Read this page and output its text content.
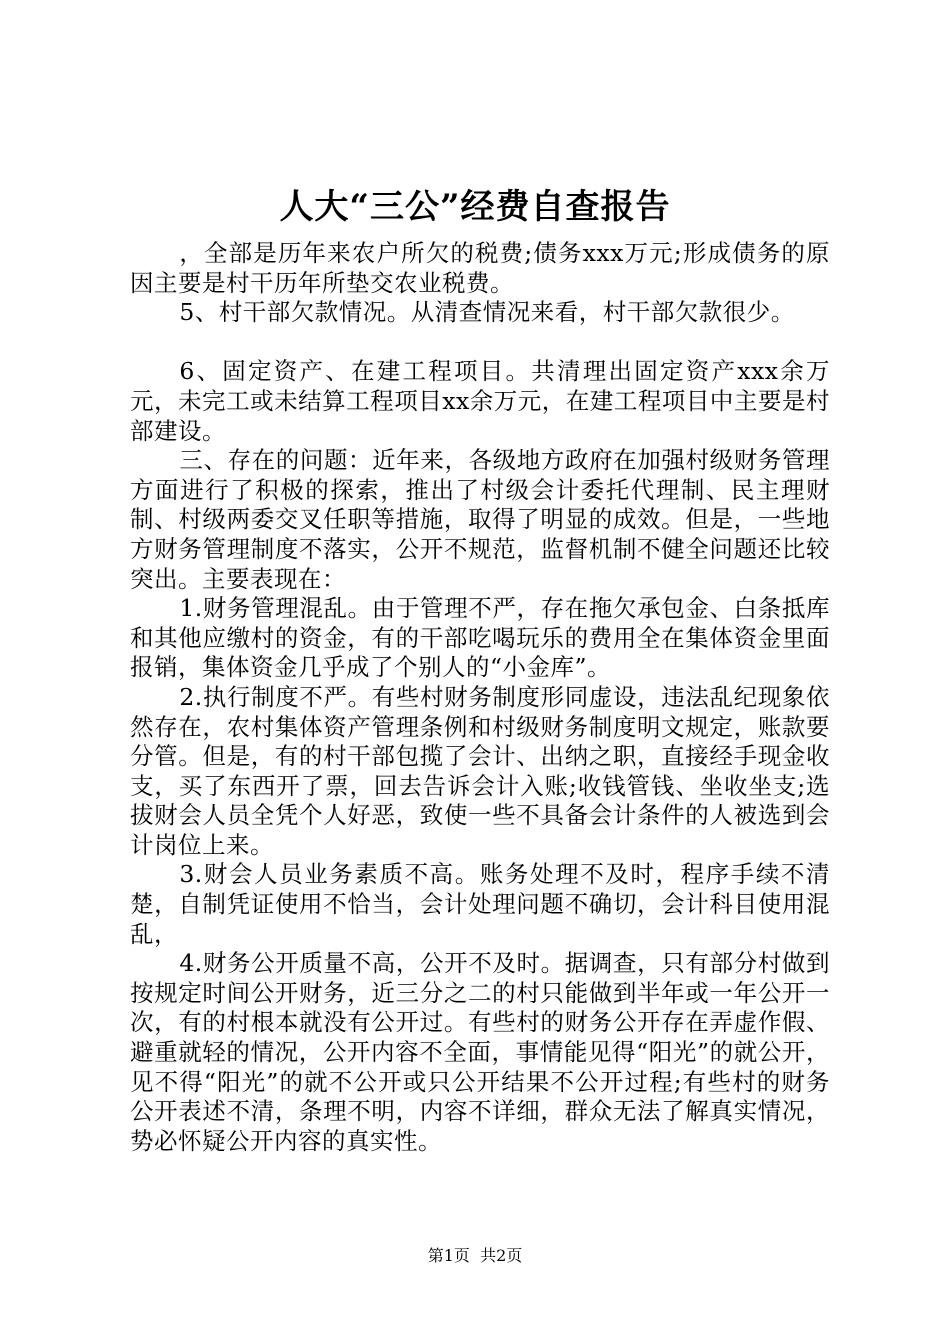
人大“三公”经费自查报告

，全部是历年来农户所欠的税费;债务xxx万元;形成债务的原因主要是村干历年所垫交农业税费。

5、村干部欠款情况。从清查情况来看，村干部欠款很少。

6、固定资产、在建工程项目。共清理出固定资产xxx余万元，未完工或未结算工程项目xx余万元，在建工程项目中主要是村部建设。

三、存在的问题：近年来，各级地方政府在加强村级财务管理方面进行了积极的探索，推出了村级会计委托代理制、民主理财制、村级两委交叉任职等措施，取得了明显的成效。但是，一些地方财务管理制度不落实，公开不规范，监督机制不健全问题还比较突出。主要表现在：

1.财务管理混乱。由于管理不严，存在拖欠承包金、白条抵库和其他应缴村的资金，有的干部吃喝玩乐的费用全在集体资金里面报销，集体资金几乎成了个别人的“小金库”。

2.执行制度不严。有些村财务制度形同虚设，违法乱纪现象依然存在，农村集体资产管理条例和村级财务制度明文规定，账款要分管。但是，有的村干部包揽了会计、出纳之职，直接经手现金收支，买了东西开了票，回去告诉会计入账;收钱管钱、坐收坐支;选拔财会人员全凭个人好恶，致使一些不具备会计条件的人被选到会计岗位上来。

3.财会人员业务素质不高。账务处理不及时，程序手续不清楚，自制凭证使用不恰当，会计处理问题不确切，会计科目使用混乱，

4.财务公开质量不高，公开不及时。据调查，只有部分村做到按规定时间公开财务，近三分之二的村只能做到半年或一年公开一次，有的村根本就没有公开过。有些村的财务公开存在弄虚作假、避重就轻的情况，公开内容不全面，事情能见得“阳光”的就公开，见不得“阳光”的就不公开或只公开结果不公开过程;有些村的财务公开表述不清，条理不明，内容不详细，群众无法了解真实情况，势必怀疑公开内容的真实性。

第1页 共2页
